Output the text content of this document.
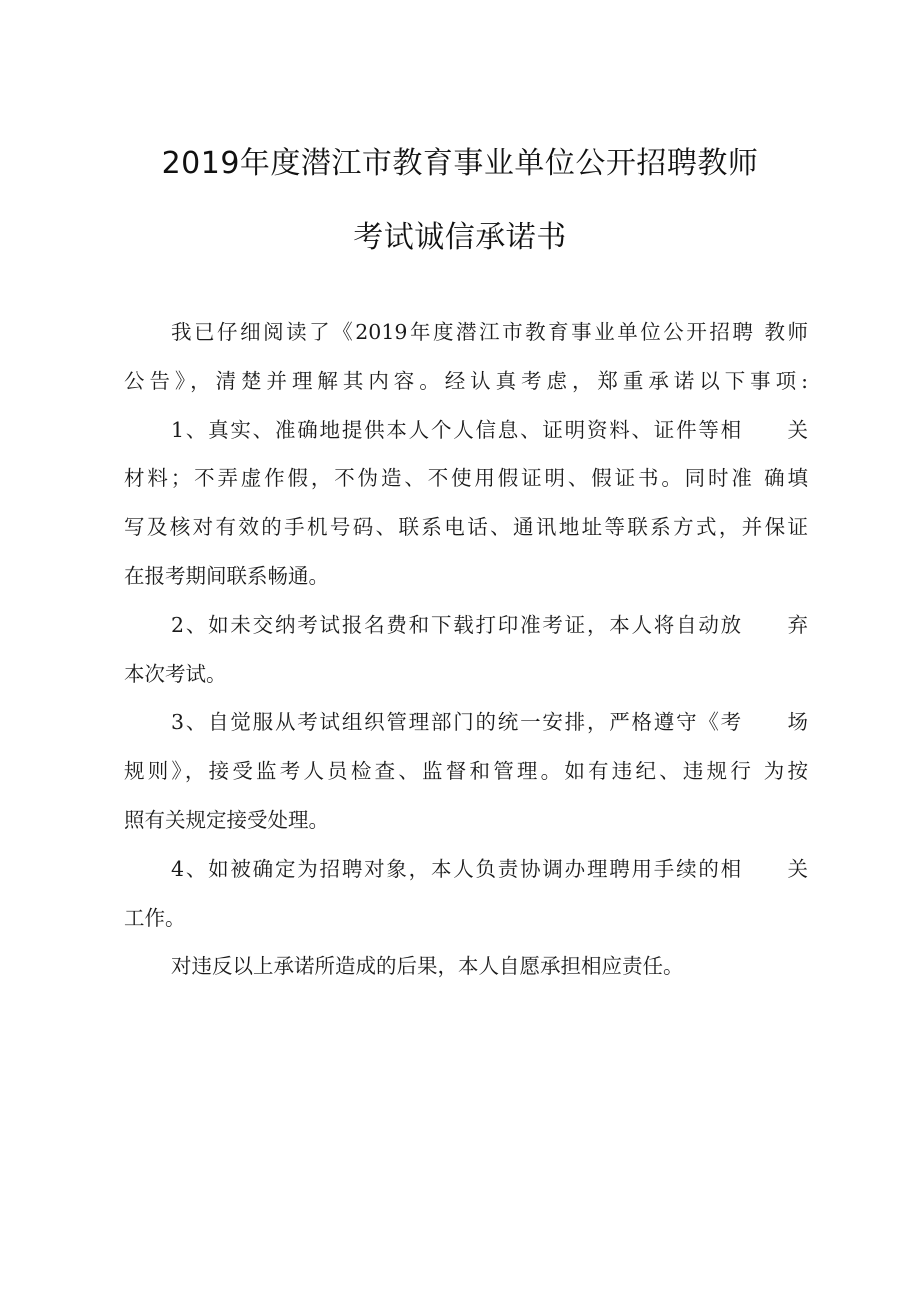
2019年度潜江市教育事业单位公开招聘教师
考试诚信承诺书
我已仔细阅读了《2019年度潜江市教育事业单位公开招聘 教师
公告》，清楚并理解其内容。经认真考虑，郑重承诺以下事项:
1、真实、准确地提供本人个人信息、证明资料、证件等相　　关
材料；不弄虚作假，不伪造、不使用假证明、假证书。同时准 确填
写及核对有效的手机号码、联系电话、通讯地址等联系方式，并保证
在报考期间联系畅通。
2、如未交纳考试报名费和下载打印准考证，本人将自动放　　弃
本次考试。
3、自觉服从考试组织管理部门的统一安排，严格遵守《考　　场
规则》，接受监考人员检查、监督和管理。如有违纪、违规行 为按
照有关规定接受处理。
4、如被确定为招聘对象，本人负责协调办理聘用手续的相　　关
工作。
对违反以上承诺所造成的后果，本人自愿承担相应责任。
